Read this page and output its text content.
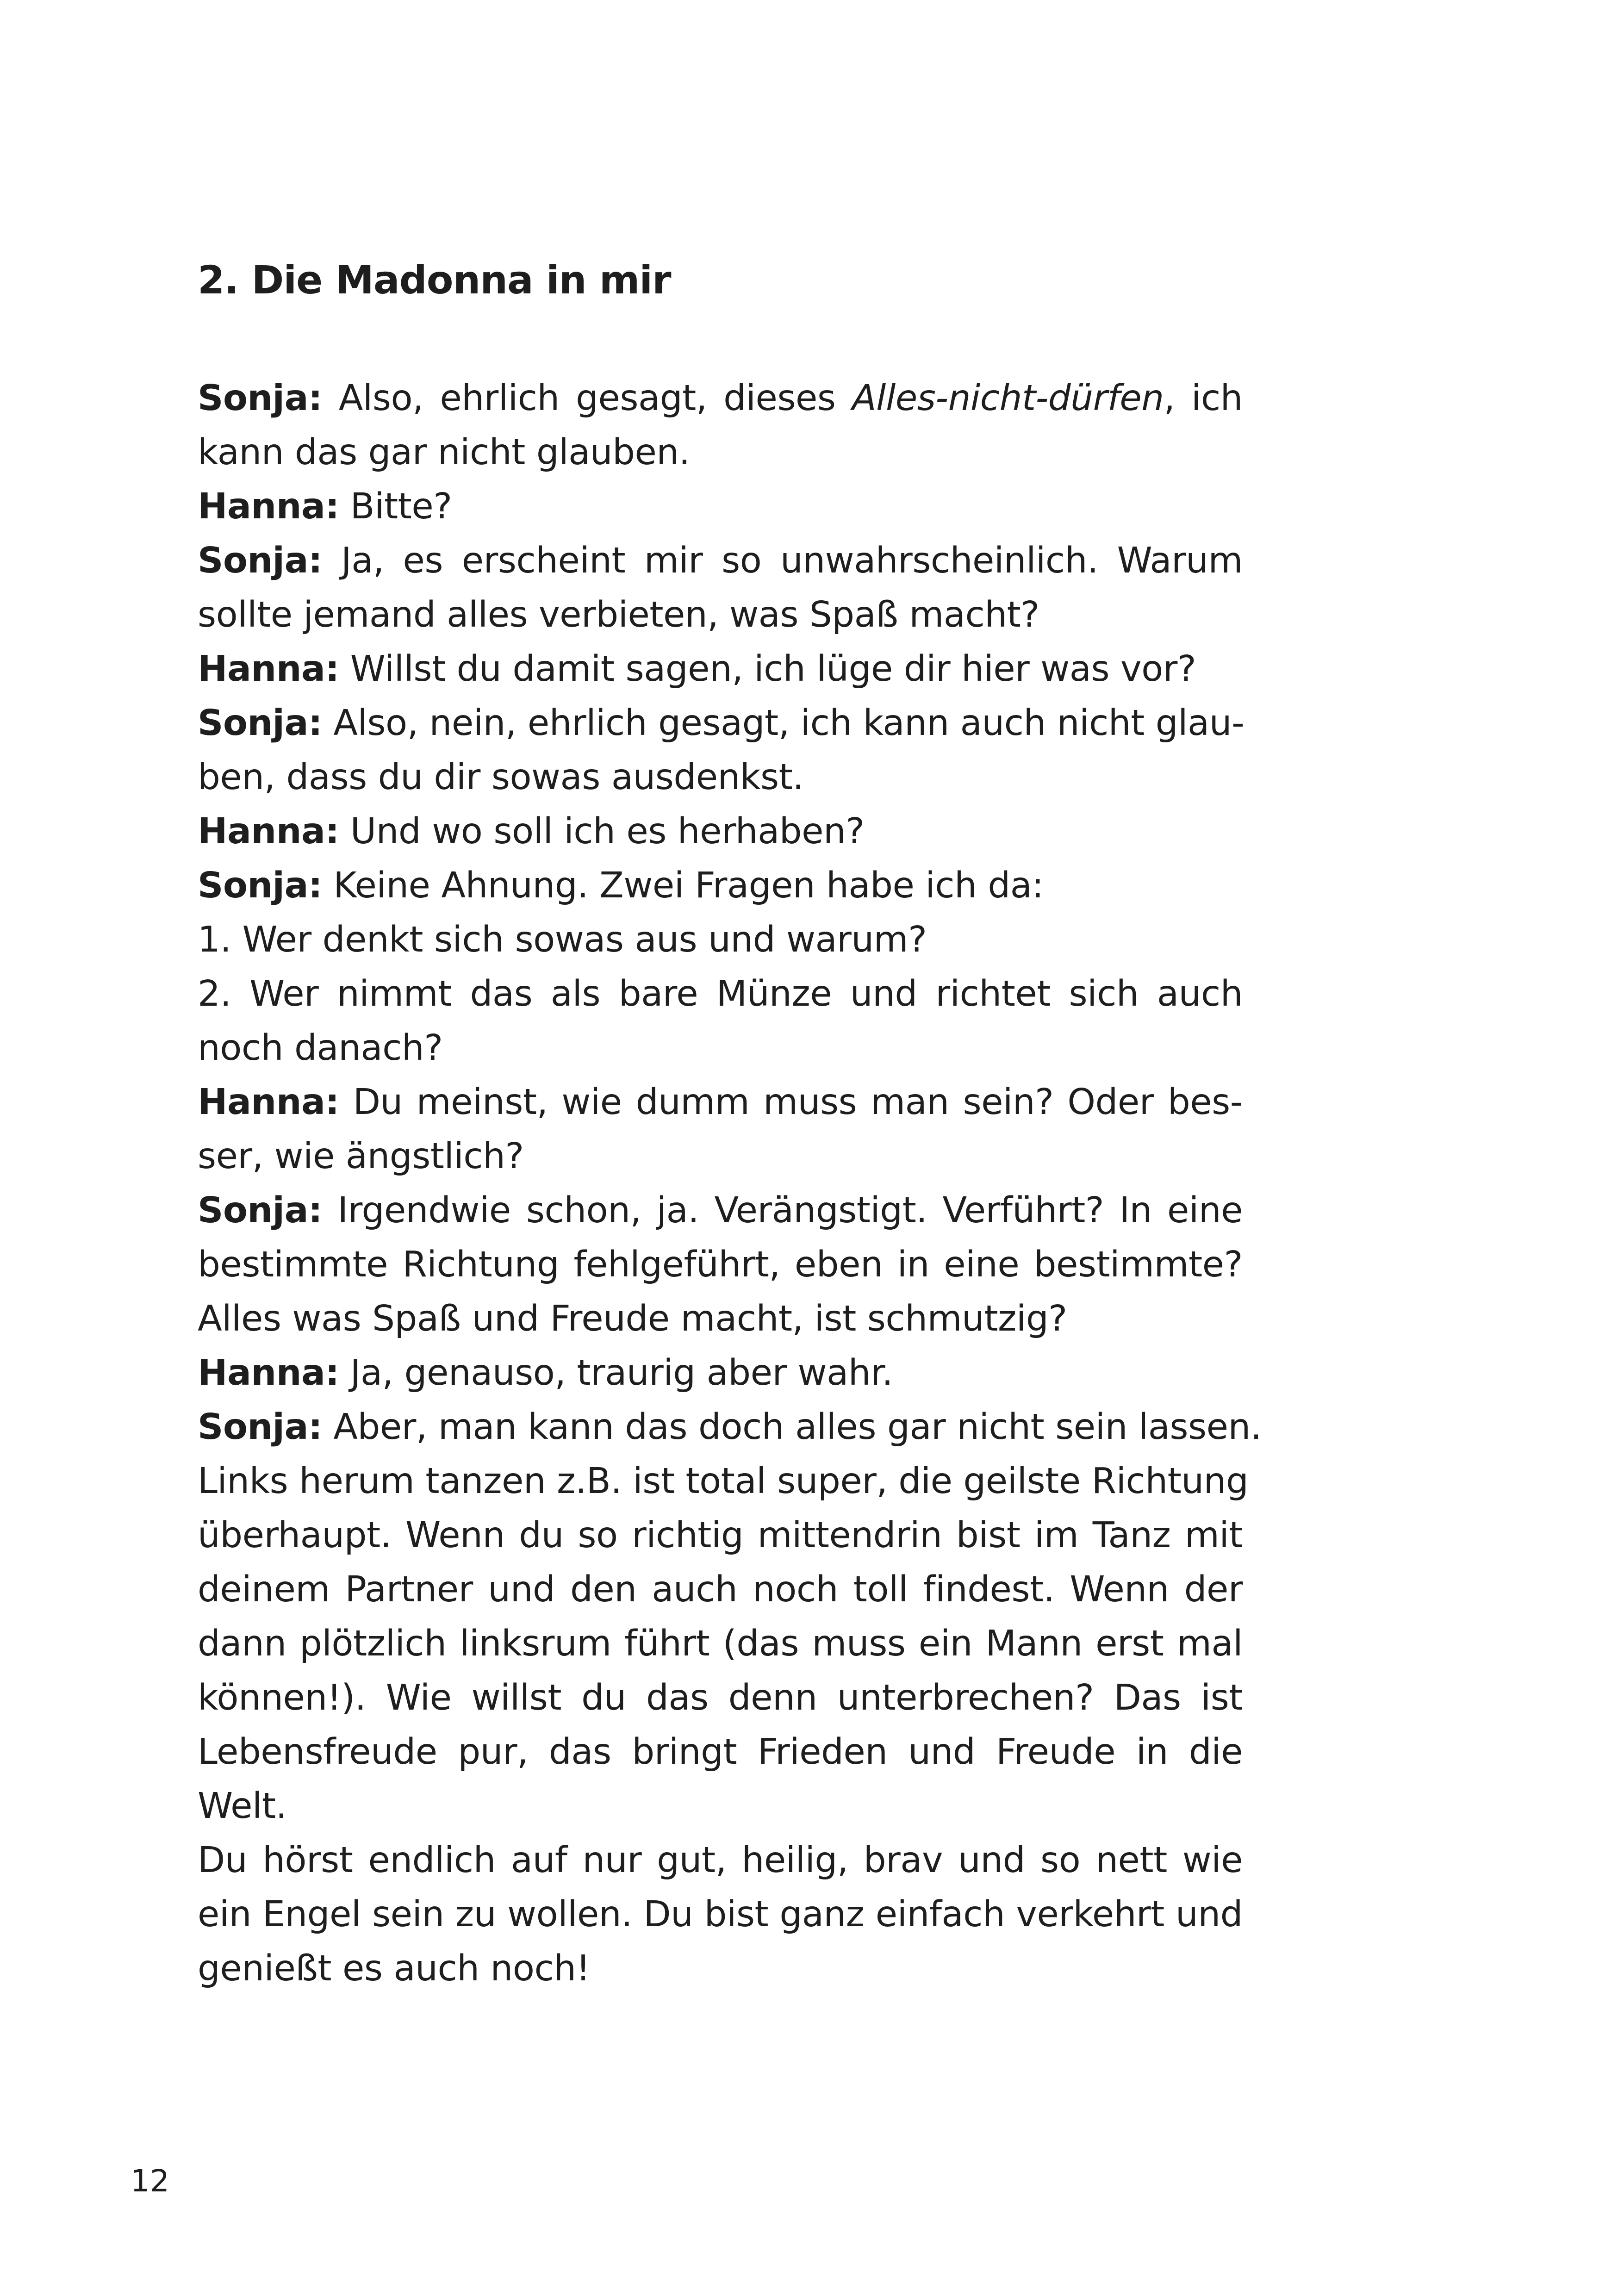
2. Die Madonna in mir
Sonja: Also, ehrlich gesagt, dieses Alles-nicht-dürfen, ich
kann das gar nicht glauben.
Hanna: Bitte?
Sonja: Ja, es erscheint mir so unwahrscheinlich. Warum
sollte jemand alles verbieten, was Spaß macht?
Hanna: Willst du damit sagen, ich lüge dir hier was vor?
Sonja: Also, nein, ehrlich gesagt, ich kann auch nicht glau-
ben, dass du dir sowas ausdenkst.
Hanna: Und wo soll ich es herhaben?
Sonja: Keine Ahnung. Zwei Fragen habe ich da:
1. Wer denkt sich sowas aus und warum?
2. Wer nimmt das als bare Münze und richtet sich auch
noch danach?
Hanna: Du meinst, wie dumm muss man sein? Oder bes-
ser, wie ängstlich?
Sonja: Irgendwie schon, ja. Verängstigt. Verführt? In eine
bestimmte Richtung fehlgeführt, eben in eine bestimmte?
Alles was Spaß und Freude macht, ist schmutzig?
Hanna: Ja, genauso, traurig aber wahr.
Sonja: Aber, man kann das doch alles gar nicht sein lassen.
Links herum tanzen z.B. ist total super, die geilste Richtung
überhaupt. Wenn du so richtig mittendrin bist im Tanz mit
deinem Partner und den auch noch toll findest. Wenn der
dann plötzlich linksrum führt (das muss ein Mann erst mal
können!). Wie willst du das denn unterbrechen? Das ist
Lebensfreude pur, das bringt Frieden und Freude in die
Welt.
Du hörst endlich auf nur gut, heilig, brav und so nett wie
ein Engel sein zu wollen. Du bist ganz einfach verkehrt und
genießt es auch noch!
12
